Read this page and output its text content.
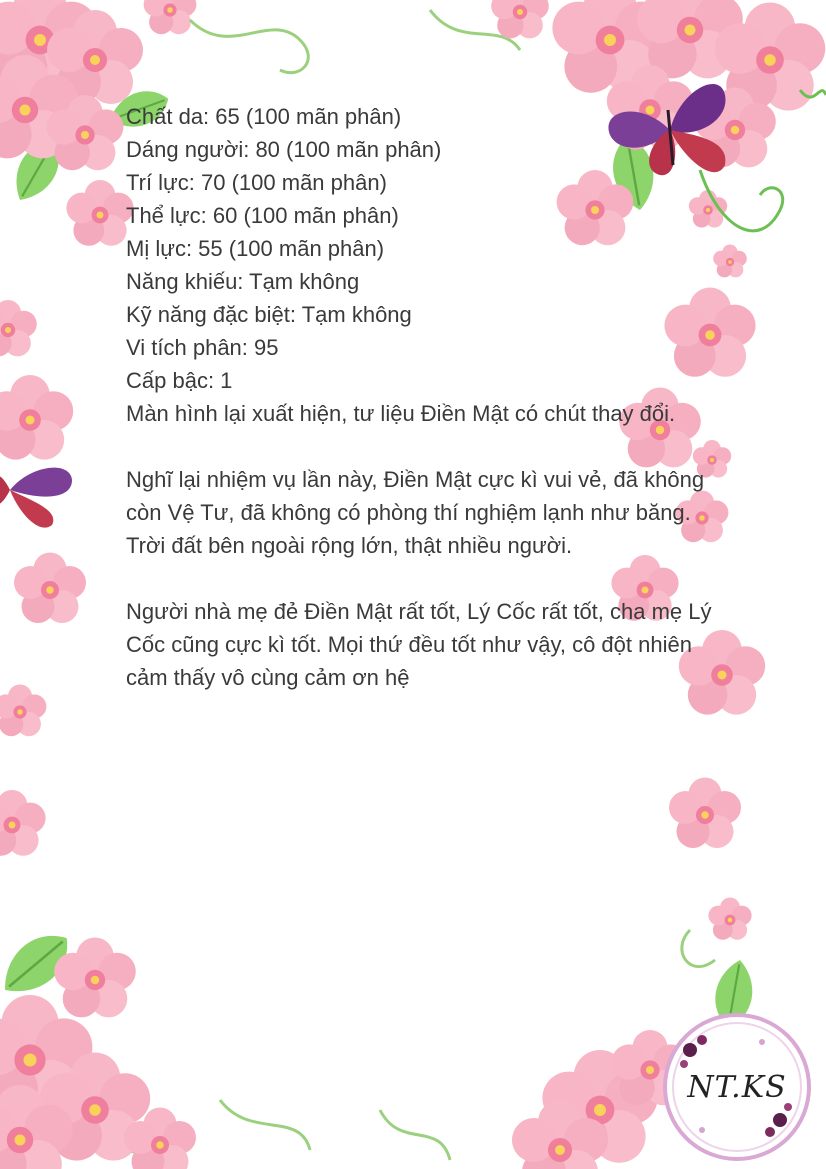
Chất da: 65 (100 mãn phân)

Dáng người: 80 (100 mãn phân)

Trí lực: 70 (100 mãn phân)

Thể lực: 60 (100 mãn phân)

Mị lực: 55 (100 mãn phân)

Năng khiếu: Tạm không

Kỹ năng đặc biệt: Tạm không

Vi tích phân: 95

Cấp bậc: 1

Màn hình lại xuất hiện, tư liệu Điền Mật có chút thay đổi.

Nghĩ lại nhiệm vụ lần này, Điền Mật cực kì vui vẻ, đã không còn Vệ Tư, đã không có phòng thí nghiệm lạnh như băng. Trời đất bên ngoài rộng lớn, thật nhiều người.

Người nhà mẹ đẻ Điền Mật rất tốt, Lý Cốc rất tốt, cha mẹ Lý Cốc cũng cực kì tốt. Mọi thứ đều tốt như vậy, cô đột nhiên cảm thấy vô cùng cảm ơn hệ

NT.KS
